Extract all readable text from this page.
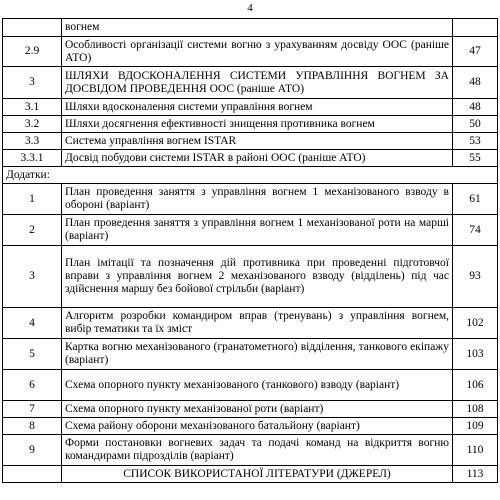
4
	вогнем	
2.9	Особливості організації системи вогню з урахуванням досвіду ООС (раніше АТО)	47
3	ШЛЯХИ ВДОСКОНАЛЕННЯ СИСТЕМИ УПРАВЛІННЯ ВОГНЕМ ЗА ДОСВІДОМ ПРОВЕДЕННЯ ООС (раніше АТО)	48
3.1	Шляхи вдосконалення системи управління вогнем	48
3.2	Шляхи досягнення ефективності знищення противника вогнем	50
3.3	Система управління вогнем ISTAR	53
3.3.1	Досвід побудови системи ISTAR в районі ООС (раніше АТО)	55
Додатки:		
1	План проведення заняття з управління вогнем 1 механізованого взводу в обороні (варіант)	61
2	План проведення заняття з управління вогнем 1 механізованої роти на марші (варіант)	74
3	План імітації та позначення дій противника при проведенні підготовчої вправи з управління вогнем 2 механізованого взводу (відділень) під час здійснення маршу без бойової стрільби (варіант)	93
4	Алгоритм розробки командиром вправ (тренувань) з управління вогнем, вибір тематики та їх зміст	102
5	Картка вогню механізованого (гранатометного) відділення, танкового екіпажу (варіант)	103
6	Схема опорного пункту механізованого (танкового) взводу (варіант)	106
7	Схема опорного пункту механізованої роти (варіант)	108
8	Схема району оборони механізованого батальйону (варіант)	109
9	Форми постановки вогневих задач та подачі команд на відкриття вогню командирами підрозділів (варіант)	110
	СПИСОК ВИКОРИСТАНОЇ ЛІТЕРАТУРИ (ДЖЕРЕЛ)	113
